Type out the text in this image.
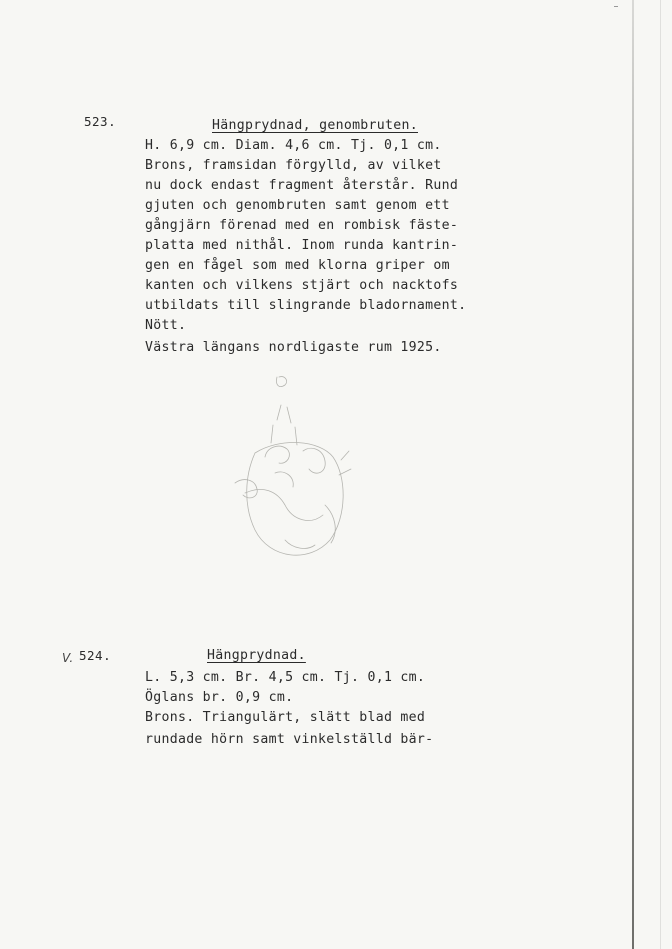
523.	Hängprydnad, genombruten.
H. 6,9 cm. Diam. 4,6 cm. Tj. 0,1 cm.
Brons, framsidan förgylld, av vilket
nu dock endast fragment återstår. Rund
gjuten och genombruten samt genom ett
gångjärn förenad med en rombisk fäste-
platta med nithål. Inom runda kantrin-
gen en fågel som med klorna griper om
kanten och vilkens stjärt och nacktofs
utbildats till slingrande bladornament.
Nött.
Västra längans nordligaste rum 1925.
V. 524.	Hängprydnad.
L. 5,3 cm. Br. 4,5 cm. Tj. 0,1 cm.
Öglans br. 0,9 cm.
Brons. Triangulärt, slätt blad med
rundade hörn samt vinkelställd bär-
